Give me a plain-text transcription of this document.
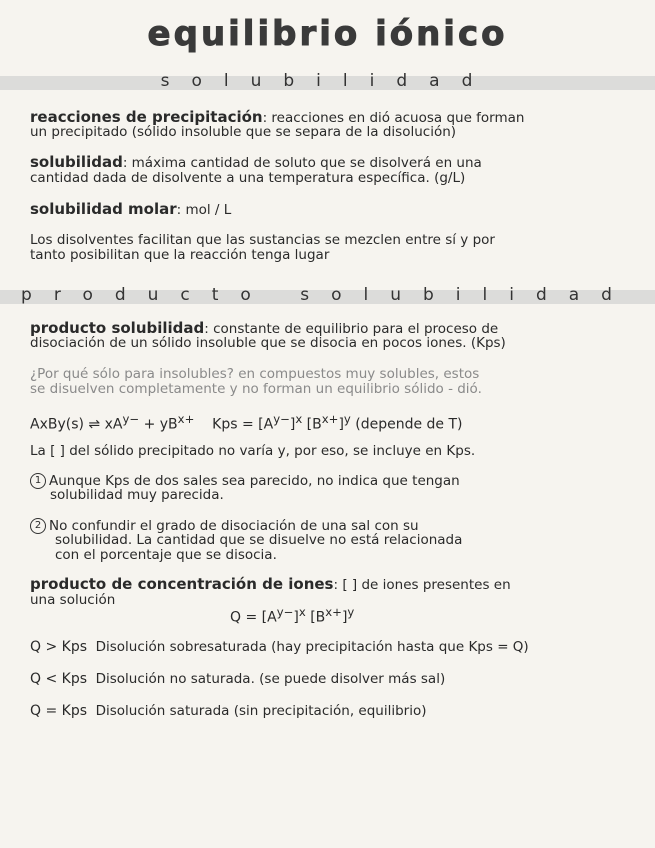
equilibrio iónico
solubilidad
reacciones de precipitación: reacciones en dió acuosa que forman
un precipitado (sólido insoluble que se separa de la disolución)
solubilidad: máxima cantidad de soluto que se disolverá en una
cantidad dada de disolvente a una temperatura específica. (g/L)
solubilidad molar: mol / L
Los disolventes facilitan que las sustancias se mezclen entre sí y por
tanto posibilitan que la reacción tenga lugar
producto solubilidad
producto solubilidad: constante de equilibrio para el proceso de
disociación de un sólido insoluble que se disocia en pocos iones. (Kps)
¿Por qué sólo para insolubles? en compuestos muy solubles, estos
se disuelven completamente y no forman un equilibrio sólido - dió.
AxBy(s) ⇌ $xA^{y-} + yB^{x+}$ Kps = $[A^{y-}]^x$ $[B^{x+}]^y$ (depende de T)
La [ ] del sólido precipitado no varía y, por eso, se incluye en Kps.
1 Aunque Kps de dos sales sea parecido, no indica que tengan
solubilidad muy parecida.
2 No confundir el grado de disociación de una sal con su
solubilidad. La cantidad que se disuelve no está relacionada
con el porcentaje que se disocia.
producto de concentración de iones: [ ] de iones presentes en
una solución
$Q = [A^{y-}]^x$ $[B^{x+}]^y$
Q > Kps Disolución sobresaturada (hay precipitación hasta que Kps = Q)
Q < Kps Disolución no saturada. (se puede disolver más sal)
Q = Kps Disolución saturada (sin precipitación, equilibrio)
